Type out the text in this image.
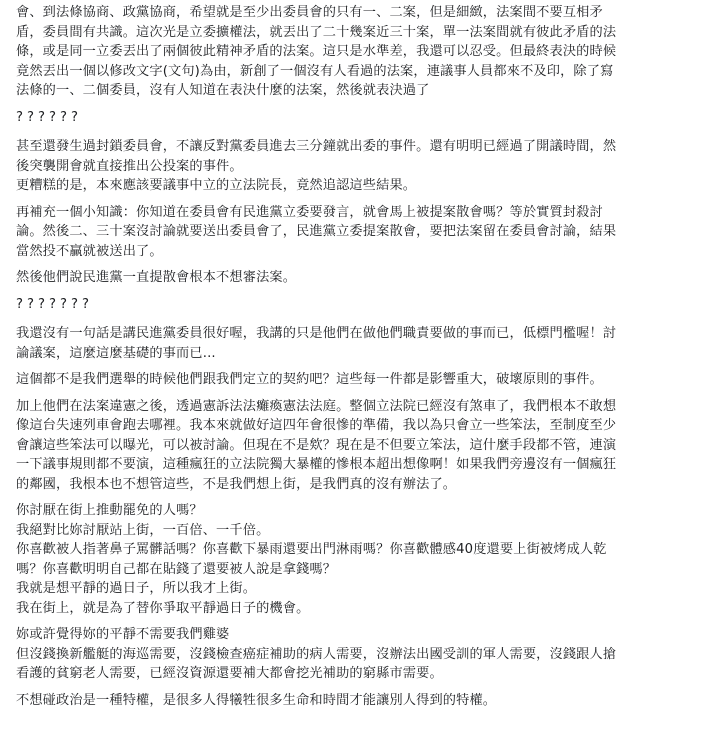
會、到法條協商、政黨協商，希望就是至少出委員會的只有一、二案，但是細緻，法案間不要互相矛
盾，委員間有共識。這次光是立委擴權法，就丟出了二十幾案近三十案，單一法案間就有彼此矛盾的法
條，或是同一立委丟出了兩個彼此精神矛盾的法案。這只是水準差，我還可以忍受。但最終表決的時候
竟然丟出一個以修改文字(文句)為由，新創了一個沒有人看過的法案，連議事人員都來不及印，除了寫
法條的一、二個委員，沒有人知道在表決什麼的法案，然後就表決過了
??????
甚至還發生過封鎖委員會，不讓反對黨委員進去三分鐘就出委的事件。還有明明已經過了開議時間，然
後突襲開會就直接推出公投案的事件。
更糟糕的是，本來應該要議事中立的立法院長，竟然追認這些結果。
再補充一個小知識：你知道在委員會有民進黨立委要發言，就會馬上被提案散會嗎？等於實質封殺討
論。然後二、三十案沒討論就要送出委員會了，民進黨立委提案散會，要把法案留在委員會討論，結果
當然投不贏就被送出了。
然後他們說民進黨一直提散會根本不想審法案。
???????
我還沒有一句話是講民進黨委員很好喔，我講的只是他們在做他們職責要做的事而已，低標門檻喔！討
論議案，這麼這麼基礎的事而已...
這個都不是我們選舉的時候他們跟我們定立的契約吧？這些每一件都是影響重大，破壞原則的事件。
加上他們在法案違憲之後，透過憲訴法法癱瘓憲法法庭。整個立法院已經沒有煞車了，我們根本不敢想
像這台失速列車會跑去哪裡。我本來就做好這四年會很慘的準備，我以為只會立一些笨法，至制度至少
會讓這些笨法可以曝光，可以被討論。但現在不是欸？現在是不但要立笨法，這什麼手段都不管，連演
一下議事規則都不要演，這種瘋狂的立法院獨大暴權的慘根本超出想像啊！如果我們旁邊沒有一個瘋狂
的鄰國，我根本也不想管這些，不是我們想上街，是我們真的沒有辦法了。
你討厭在街上推動罷免的人嗎？
我絕對比妳討厭站上街，一百倍、一千倍。
你喜歡被人指著鼻子罵髒話嗎？你喜歡下暴雨還要出門淋雨嗎？你喜歡體感40度還要上街被烤成人乾
嗎？你喜歡明明自己都在貼錢了還要被人說是拿錢嗎？
我就是想平靜的過日子，所以我才上街。
我在街上，就是為了替你爭取平靜過日子的機會。
妳或許覺得妳的平靜不需要我們雞婆
但沒錢換新艦艇的海巡需要，沒錢檢查癌症補助的病人需要，沒辦法出國受訓的軍人需要，沒錢跟人搶
看護的貧窮老人需要，已經沒資源還要補大都會挖光補助的窮縣市需要。
不想碰政治是一種特權，是很多人得犧牲很多生命和時間才能讓別人得到的特權。
